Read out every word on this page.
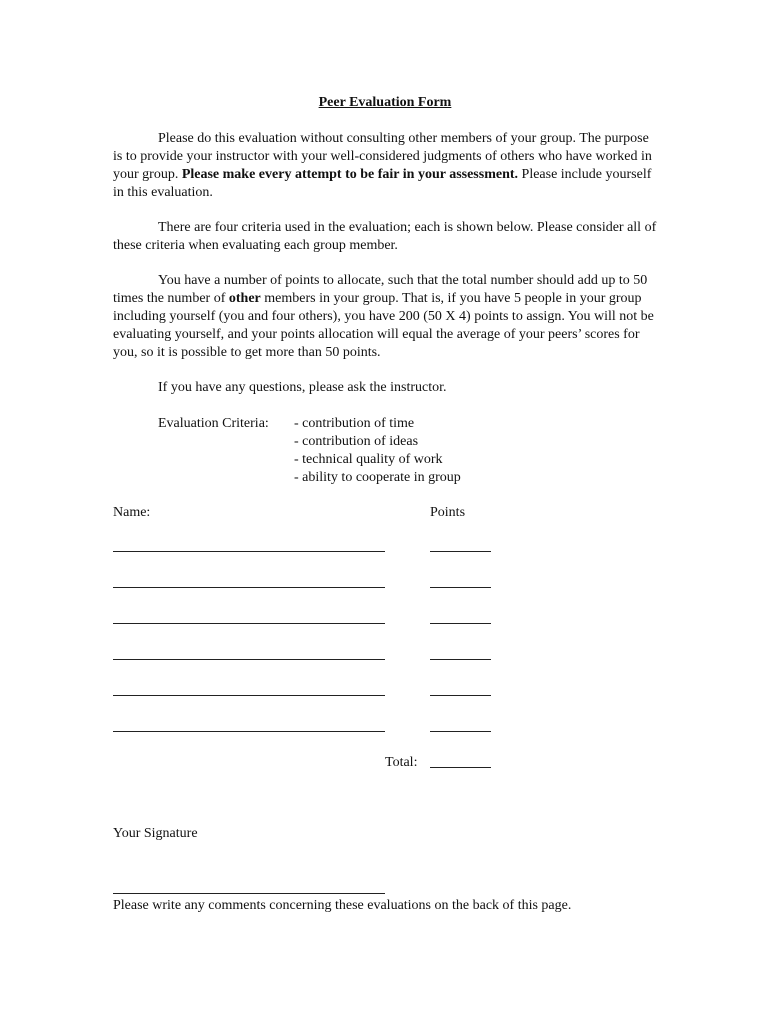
Peer Evaluation Form

Please do this evaluation without consulting other members of your group. The purpose is to provide your instructor with your well-considered judgments of others who have worked in your group. Please make every attempt to be fair in your assessment. Please include yourself in this evaluation.

There are four criteria used in the evaluation; each is shown below. Please consider all of these criteria when evaluating each group member.

You have a number of points to allocate, such that the total number should add up to 50 times the number of other members in your group. That is, if you have 5 people in your group including yourself (you and four others), you have 200 (50 X 4) points to assign. You will not be evaluating yourself, and your points allocation will equal the average of your peers’ scores for you, so it is possible to get more than 50 points.

If you have any questions, please ask the instructor.

Evaluation Criteria: - contribution of time
- contribution of ideas
- technical quality of work
- ability to cooperate in group
Name:	Points
Total:
Your Signature
Please write any comments concerning these evaluations on the back of this page.
